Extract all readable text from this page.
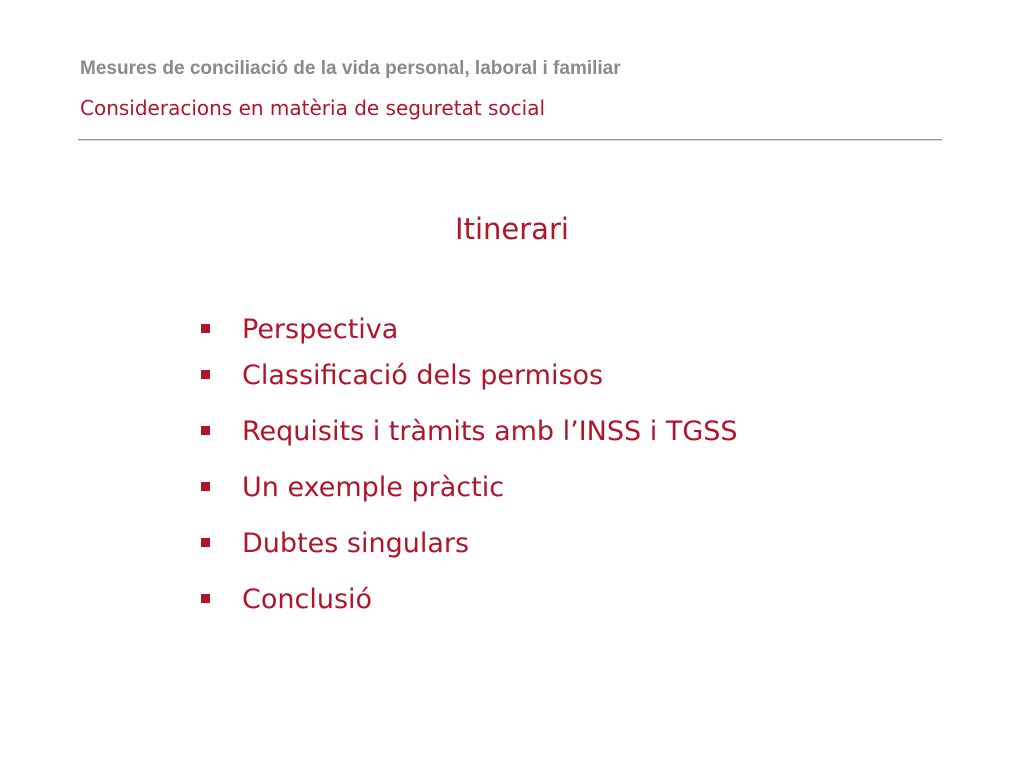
Mesures de conciliació de la vida personal, laboral i familiar
Consideracions en matèria de seguretat social
Itinerari
Perspectiva
Classificació dels permisos
Requisits i tràmits amb l’INSS i TGSS
Un exemple pràctic
Dubtes singulars
Conclusió
